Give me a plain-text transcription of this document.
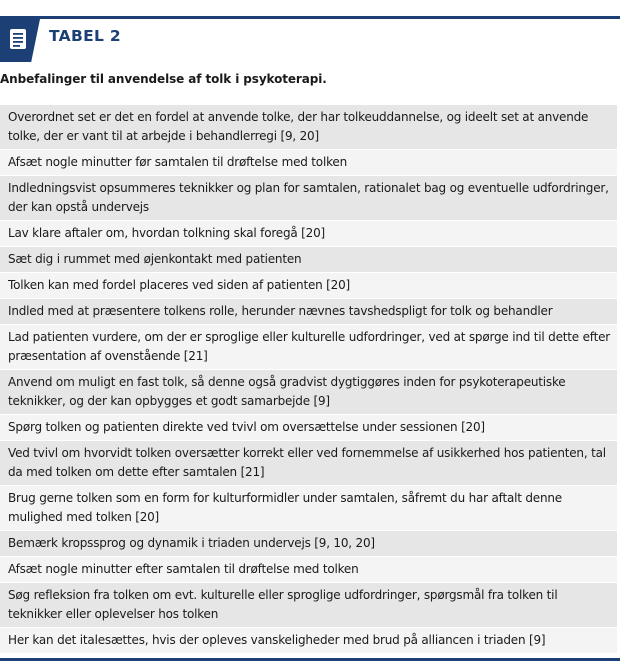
TABEL 2
Anbefalinger til anvendelse af tolk i psykoterapi.
Overordnet set er det en fordel at anvende tolke, der har tolkeuddannelse, og ideelt set at anvende tolke, der er vant til at arbejde i behandlerregi [9, 20]
Afsæt nogle minutter før samtalen til drøftelse med tolken
Indledningsvist opsummeres teknikker og plan for samtalen, rationalet bag og eventuelle udfordringer, der kan opstå undervejs
Lav klare aftaler om, hvordan tolkning skal foregå [20]
Sæt dig i rummet med øjenkontakt med patienten
Tolken kan med fordel placeres ved siden af patienten [20]
Indled med at præsentere tolkens rolle, herunder nævnes tavshedspligt for tolk og behandler
Lad patienten vurdere, om der er sproglige eller kulturelle udfordringer, ved at spørge ind til dette efter præsentation af ovenstående [21]
Anvend om muligt en fast tolk, så denne også gradvist dygtiggøres inden for psykoterapeutiske teknikker, og der kan opbygges et godt samarbejde [9]
Spørg tolken og patienten direkte ved tvivl om oversættelse under sessionen [20]
Ved tvivl om hvorvidt tolken oversætter korrekt eller ved fornemmelse af usikkerhed hos patienten, tal da med tolken om dette efter samtalen [21]
Brug gerne tolken som en form for kulturformidler under samtalen, såfremt du har aftalt denne mulighed med tolken [20]
Bemærk kropssprog og dynamik i triaden undervejs [9, 10, 20]
Afsæt nogle minutter efter samtalen til drøftelse med tolken
Søg refleksion fra tolken om evt. kulturelle eller sproglige udfordringer, spørgsmål fra tolken til teknikker eller oplevelser hos tolken
Her kan det italesættes, hvis der opleves vanskeligheder med brud på alliancen i triaden [9]
